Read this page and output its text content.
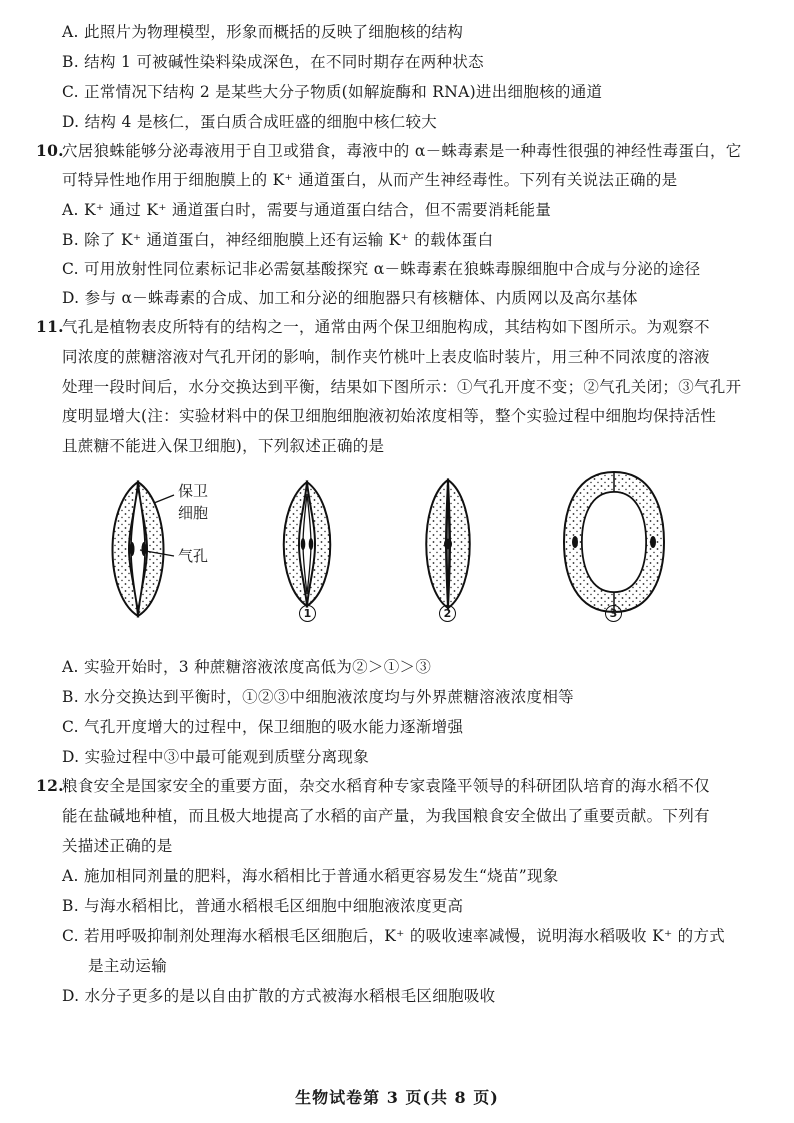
A. 此照片为物理模型，形象而概括的反映了细胞核的结构
B. 结构 1 可被碱性染料染成深色，在不同时期存在两种状态
C. 正常情况下结构 2 是某些大分子物质(如解旋酶和 RNA)进出细胞核的通道
D. 结构 4 是核仁，蛋白质合成旺盛的细胞中核仁较大
10.
穴居狼蛛能够分泌毒液用于自卫或猎食，毒液中的 α－蛛毒素是一种毒性很强的神经性毒蛋白，它
可特异性地作用于细胞膜上的 K⁺ 通道蛋白，从而产生神经毒性。下列有关说法正确的是
A. K⁺ 通过 K⁺ 通道蛋白时，需要与通道蛋白结合，但不需要消耗能量
B. 除了 K⁺ 通道蛋白，神经细胞膜上还有运输 K⁺ 的载体蛋白
C. 可用放射性同位素标记非必需氨基酸探究 α－蛛毒素在狼蛛毒腺细胞中合成与分泌的途径
D. 参与 α－蛛毒素的合成、加工和分泌的细胞器只有核糖体、内质网以及高尔基体
11.
气孔是植物表皮所特有的结构之一，通常由两个保卫细胞构成，其结构如下图所示。为观察不
同浓度的蔗糖溶液对气孔开闭的影响，制作夹竹桃叶上表皮临时装片，用三种不同浓度的溶液
处理一段时间后，水分交换达到平衡，结果如下图所示：①气孔开度不变；②气孔关闭；③气孔开
度明显增大(注：实验材料中的保卫细胞细胞液初始浓度相等，整个实验过程中细胞均保持活性
且蔗糖不能进入保卫细胞)，下列叙述正确的是
保卫
细胞
气孔
1	2	3
A. 实验开始时，3 种蔗糖溶液浓度高低为②＞①＞③
B. 水分交换达到平衡时，①②③中细胞液浓度均与外界蔗糖溶液浓度相等
C. 气孔开度增大的过程中，保卫细胞的吸水能力逐渐增强
D. 实验过程中③中最可能观到质壁分离现象
12.
粮食安全是国家安全的重要方面，杂交水稻育种专家袁隆平领导的科研团队培育的海水稻不仅
能在盐碱地种植，而且极大地提高了水稻的亩产量，为我国粮食安全做出了重要贡献。下列有
关描述正确的是
A. 施加相同剂量的肥料，海水稻相比于普通水稻更容易发生“烧苗”现象
B. 与海水稻相比，普通水稻根毛区细胞中细胞液浓度更高
C. 若用呼吸抑制剂处理海水稻根毛区细胞后，K⁺ 的吸收速率减慢，说明海水稻吸收 K⁺ 的方式
是主动运输
D. 水分子更多的是以自由扩散的方式被海水稻根毛区细胞吸收
生物试卷第 3 页(共 8 页)
